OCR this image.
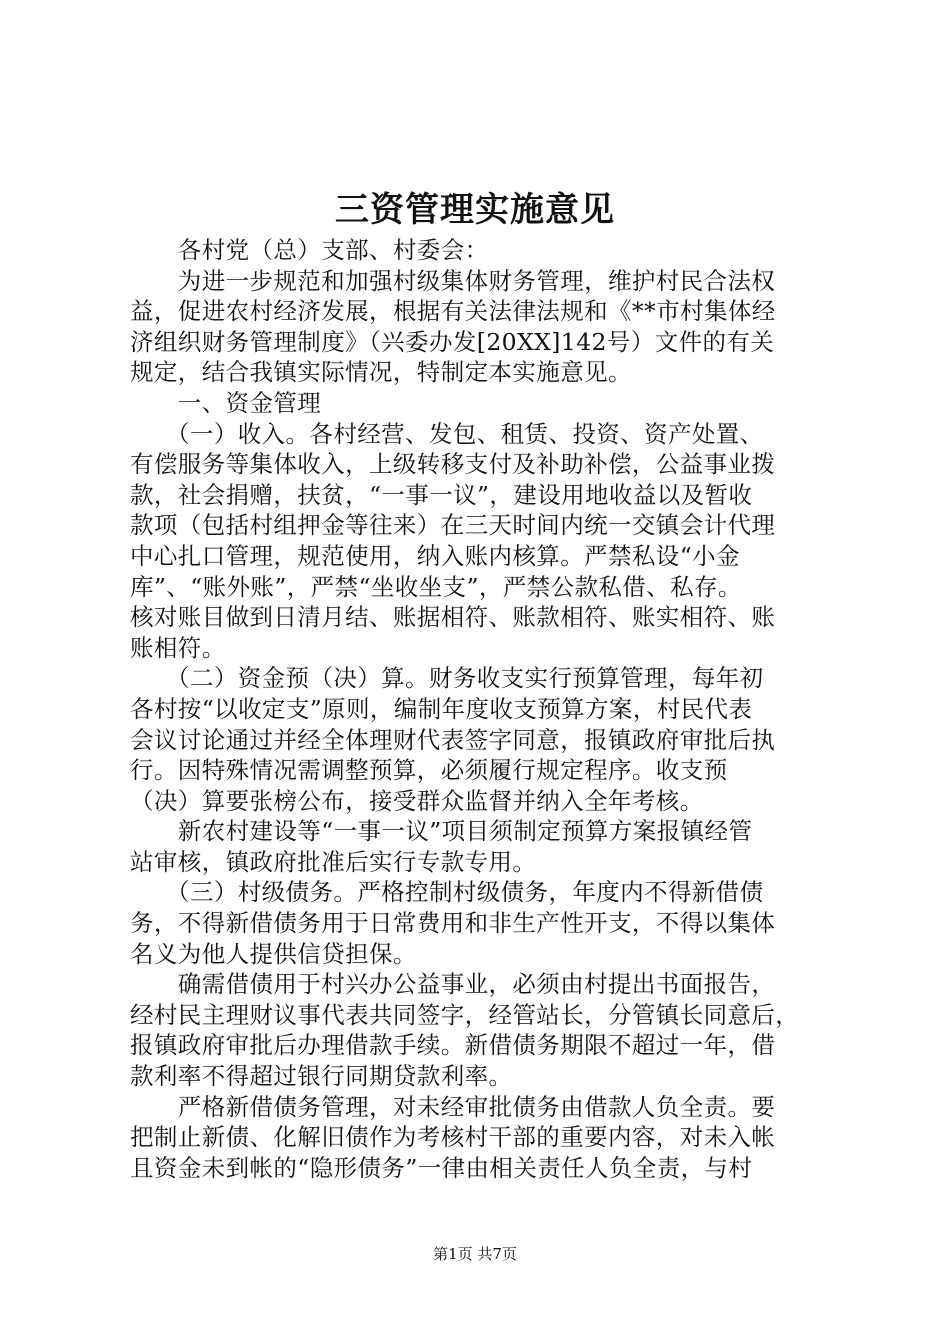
三资管理实施意见
　　各村党（总）支部、村委会：
　　为进一步规范和加强村级集体财务管理，维护村民合法权
益，促进农村经济发展，根据有关法律法规和《**市村集体经
济组织财务管理制度》（兴委办发[20XX]142号）文件的有关
规定，结合我镇实际情况，特制定本实施意见。
　　一、资金管理
　　（一）收入。各村经营、发包、租赁、投资、资产处置、
有偿服务等集体收入，上级转移支付及补助补偿，公益事业拨
款，社会捐赠，扶贫，“一事一议”，建设用地收益以及暂收
款项（包括村组押金等往来）在三天时间内统一交镇会计代理
中心扎口管理，规范使用，纳入账内核算。严禁私设“小金
库”、“账外账”，严禁“坐收坐支”，严禁公款私借、私存。
核对账目做到日清月结、账据相符、账款相符、账实相符、账
账相符。
　　（二）资金预（决）算。财务收支实行预算管理，每年初
各村按“以收定支”原则，编制年度收支预算方案，村民代表
会议讨论通过并经全体理财代表签字同意，报镇政府审批后执
行。因特殊情况需调整预算，必须履行规定程序。收支预
（决）算要张榜公布，接受群众监督并纳入全年考核。
　　新农村建设等“一事一议”项目须制定预算方案报镇经管
站审核，镇政府批准后实行专款专用。
　　（三）村级债务。严格控制村级债务，年度内不得新借债
务，不得新借债务用于日常费用和非生产性开支，不得以集体
名义为他人提供信贷担保。
　　确需借债用于村兴办公益事业，必须由村提出书面报告，
经村民主理财议事代表共同签字，经管站长，分管镇长同意后，
报镇政府审批后办理借款手续。新借债务期限不超过一年，借
款利率不得超过银行同期贷款利率。
　　严格新借债务管理，对未经审批债务由借款人负全责。要
把制止新债、化解旧债作为考核村干部的重要内容，对未入帐
且资金未到帐的“隐形债务”一律由相关责任人负全责，与村
第1页 共7页
